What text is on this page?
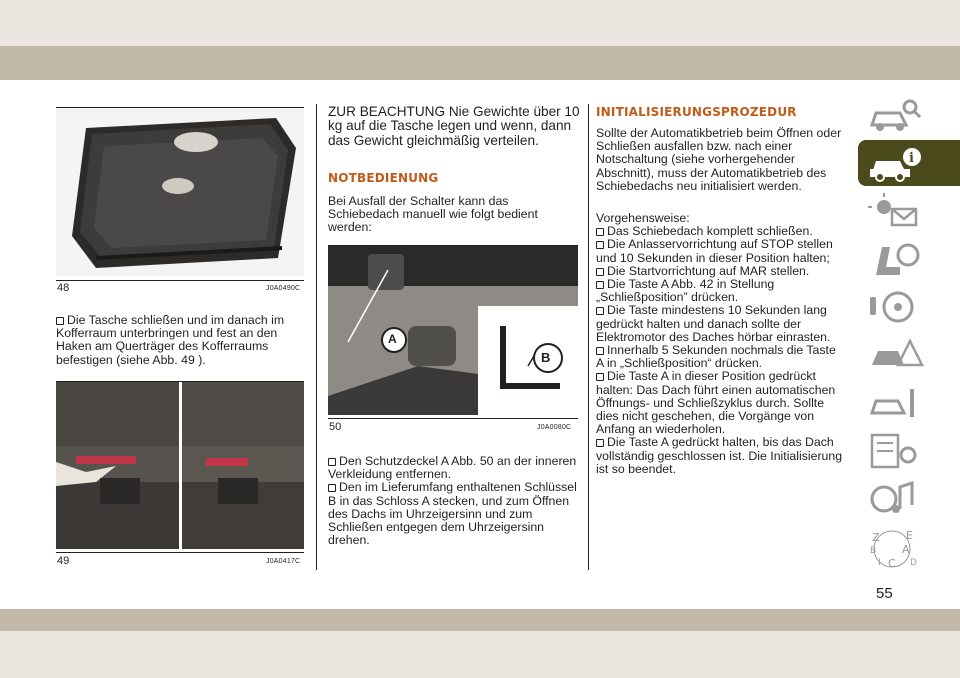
48	J0A0490C

Die Tasche schließen und im danach im Kofferraum unterbringen und fest an den Haken am Querträger des Kofferraums befestigen (siehe Abb. 49 ).

49	J0A0417C
ZUR BEACHTUNG Nie Gewichte über 10 kg auf die Tasche legen und wenn, dann das Gewicht gleichmäßig verteilen.
NOTBEDIENUNG
Bei Ausfall der Schalter kann das Schiebedach manuell wie folgt bedient werden:
A
B
50	J0A0080C

Den Schutzdeckel A Abb. 50 an der inneren Verkleidung entfernen.

Den im Lieferumfang enthaltenen Schlüssel B in das Schloss A stecken, und zum Öffnen des Dachs im Uhrzeigersinn und zum Schließen entgegen dem Uhrzeigersinn drehen.

INITIALISIERUNGSPROZEDUR
Sollte der Automatikbetrieb beim Öffnen oder Schließen ausfallen bzw. nach einer Notschaltung (siehe vorhergehender Abschnitt), muss der Automatikbetrieb des Schiebedachs neu initialisiert werden.

Vorgehensweise:

Das Schiebedach komplett schließen.

Die Anlasservorrichtung auf STOP stellen und 10 Sekunden in dieser Position halten;

Die Startvorrichtung auf MAR stellen.

Die Taste A Abb. 42 in Stellung „Schließposition” drücken.

Die Taste mindestens 10 Sekunden lang gedrückt halten und danach sollte der Elektromotor des Daches hörbar einrasten.

Innerhalb 5 Sekunden nochmals die Taste A in „Schließposition“ drücken.

Die Taste A in dieser Position gedrückt halten: Das Dach führt einen automatischen Öffnungs- und Schließzyklus durch. Sollte dies nicht geschehen, die Vorgänge von Anfang an wiederholen.

Die Taste A gedrückt halten, bis das Dach vollständig geschlossen ist. Die Initialisierung ist so beendet.

i
Z E
B A
I C D
55
